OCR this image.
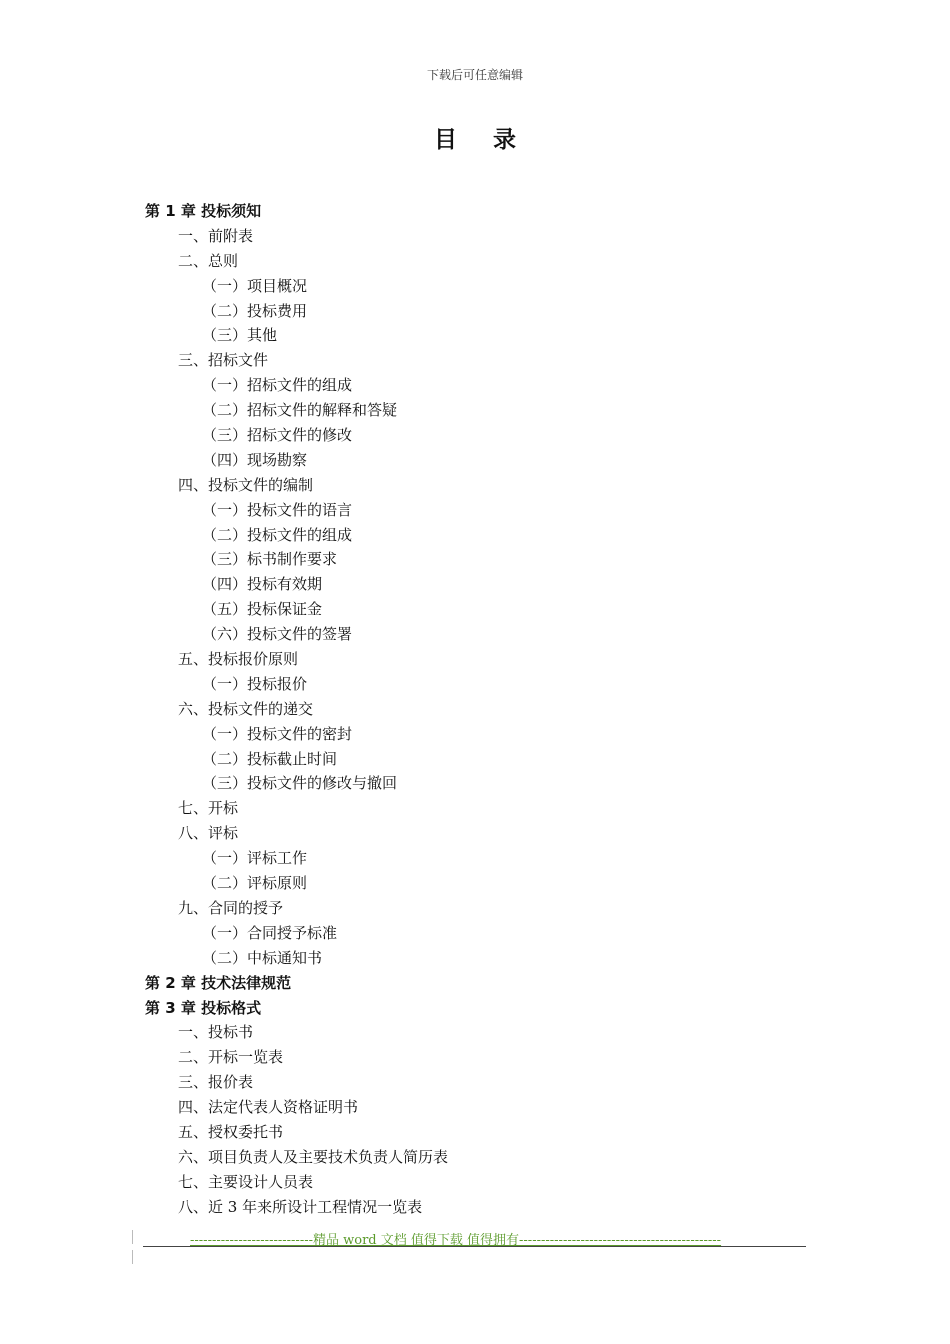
下载后可任意编辑
目 录
第 1 章 投标须知
一、前附表
二、总则
（一）项目概况
（二）投标费用
（三）其他
三、招标文件
（一）招标文件的组成
（二）招标文件的解释和答疑
（三）招标文件的修改
（四）现场勘察
四、投标文件的编制
（一）投标文件的语言
（二）投标文件的组成
（三）标书制作要求
（四）投标有效期
（五）投标保证金
（六）投标文件的签署
五、投标报价原则
（一）投标报价
六、投标文件的递交
（一）投标文件的密封
（二）投标截止时间
（三）投标文件的修改与撤回
七、开标
八、评标
（一）评标工作
（二）评标原则
九、合同的授予
（一）合同授予标准
（二）中标通知书
第 2 章 技术法律规范
第 3 章 投标格式
一、投标书
二、开标一览表
三、报价表
四、法定代表人资格证明书
五、授权委托书
六、项目负责人及主要技术负责人简历表
七、主要设计人员表
八、近 3 年来所设计工程情况一览表
----------------------------精品 word 文档 值得下载 值得拥有----------------------------------------------
